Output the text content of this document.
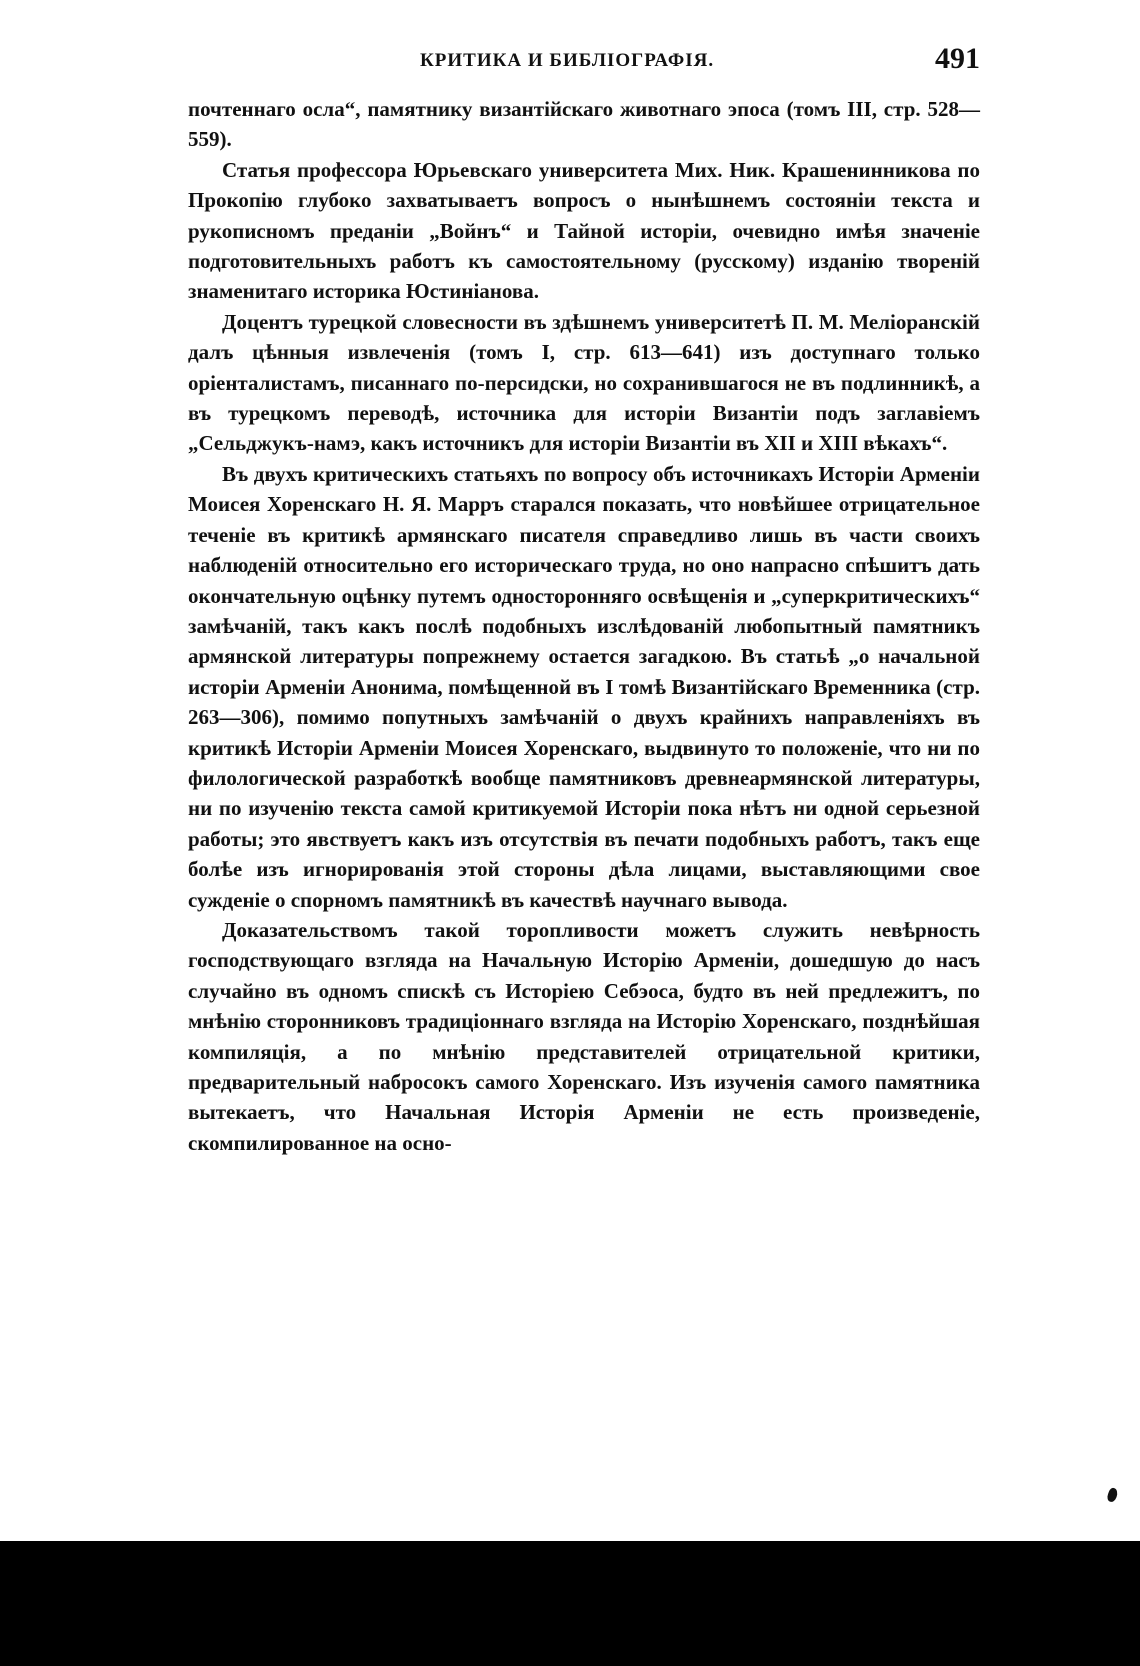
КРИТИКА И БИБЛІОГРАФІЯ.	491

почтеннаго осла“, памятнику византійскаго животнаго эпоса (томъ III, стр. 528—559).

Статья профессора Юрьевскаго университета Мих. Ник. Крашенинникова по Прокопію глубоко захватываетъ вопросъ о нынѣшнемъ состояніи текста и рукописномъ преданіи „Войнъ“ и Тайной исторіи, очевидно имѣя значеніе подготовительныхъ работъ къ самостоятельному (русскому) изданію твореній знаменитаго историка Юстиніанова.

Доцентъ турецкой словесности въ здѣшнемъ университетѣ П. М. Меліоранскій далъ цѣнныя извлеченія (томъ I, стр. 613—641) изъ доступнаго только оріенталистамъ, писаннаго по-персидски, но сохранившагося не въ подлинникѣ, а въ турецкомъ переводѣ, источника для исторіи Византіи подъ заглавіемъ „Сельджукъ-намэ, какъ источникъ для исторіи Византіи въ XII и XIII вѣкахъ“.

Въ двухъ критическихъ статьяхъ по вопросу объ источникахъ Исторіи Арменіи Моисея Хоренскаго Н. Я. Марръ старался показать, что новѣйшее отрицательное теченіе въ критикѣ армянскаго писателя справедливо лишь въ части своихъ наблюденій относительно его историческаго труда, но оно напрасно спѣшитъ дать окончательную оцѣнку путемъ односторонняго освѣщенія и „суперкритическихъ“ замѣчаній, такъ какъ послѣ подобныхъ изслѣдованій любопытный памятникъ армянской литературы попрежнему остается загадкою. Въ статьѣ „о начальной исторіи Арменіи Анонима, помѣщенной въ I томѣ Византійскаго Временника (стр. 263—306), помимо попутныхъ замѣчаній о двухъ крайнихъ направленіяхъ въ критикѣ Исторіи Арменіи Моисея Хоренскаго, выдвинуто то положеніе, что ни по филологической разработкѣ вообще памятниковъ древнеармянской литературы, ни по изученію текста самой критикуемой Исторіи пока нѣтъ ни одной серьезной работы; это явствуетъ какъ изъ отсутствія въ печати подобныхъ работъ, такъ еще болѣе изъ игнорированія этой стороны дѣла лицами, выставляющими свое сужденіе о спорномъ памятникѣ въ качествѣ научнаго вывода.

Доказательствомъ такой торопливости можетъ служить невѣрность господствующаго взгляда на Начальную Исторію Арменіи, дошедшую до насъ случайно въ одномъ спискѣ съ Исторіею Себэоса, будто въ ней предлежитъ, по мнѣнію сторонниковъ традиціоннаго взгляда на Исторію Хоренскаго, позднѣйшая компиляція, а по мнѣнію представителей отрицательной критики, предварительный набросокъ самого Хоренскаго. Изъ изученія самого памятника вытекаетъ, что Начальная Исторія Арменіи не есть произведеніе, скомпилированное на осно-
